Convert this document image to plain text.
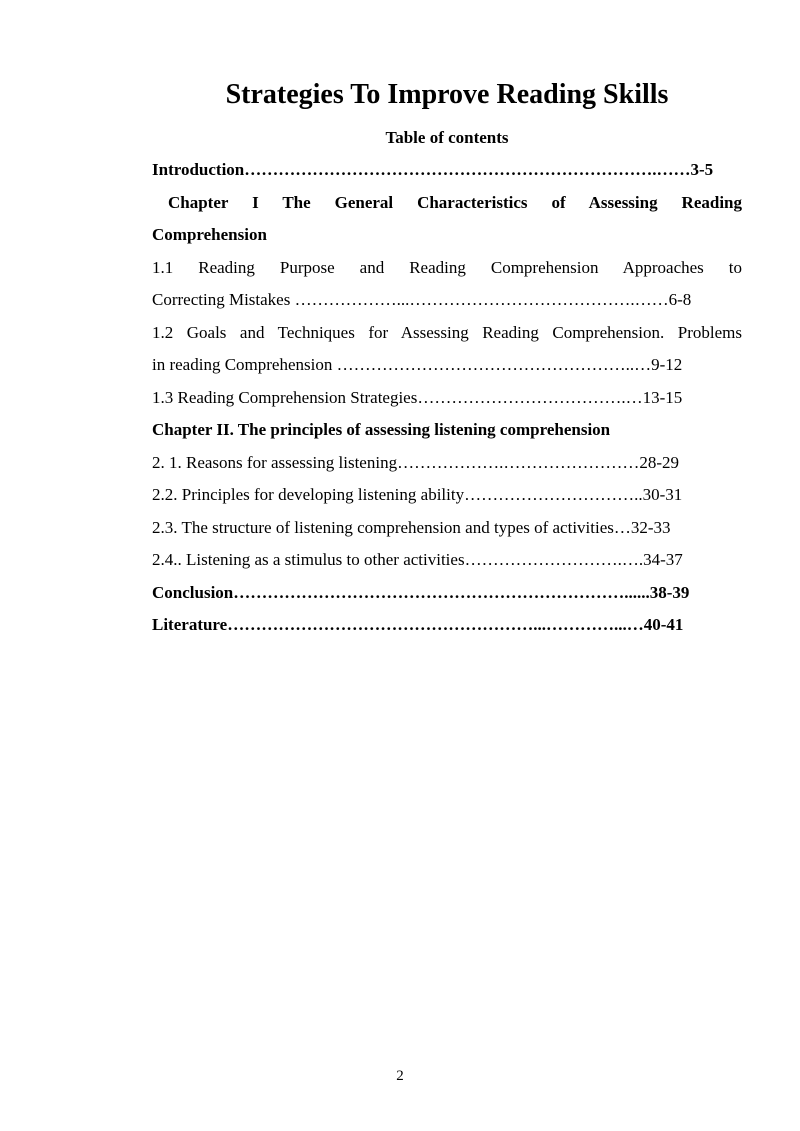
Strategies To Improve Reading Skills
Table of contents
Introduction……………………………………………………………….……3-5
Chapter I The General Characteristics of Assessing Reading
Comprehension
1.1 Reading Purpose and Reading Comprehension Approaches to
Correcting Mistakes ………………...………………………………….……6-8
1.2 Goals and Techniques for Assessing Reading Comprehension. Problems
in reading Comprehension ……………………………………………..…9-12
1.3 Reading Comprehension Strategies……………………………….…13-15
Chapter II. The principles of assessing listening comprehension
2. 1. Reasons for assessing listening……………….……………………28-29
2.2. Principles for developing listening ability…………………………..30-31
2.3. The structure of listening comprehension and types of activities…32-33
2.4.. Listening as a stimulus to other activities……………………….….34-37
Conclusion……………………………………………………………......38-39
Literature………………………………………………...…………...…40-41
2
